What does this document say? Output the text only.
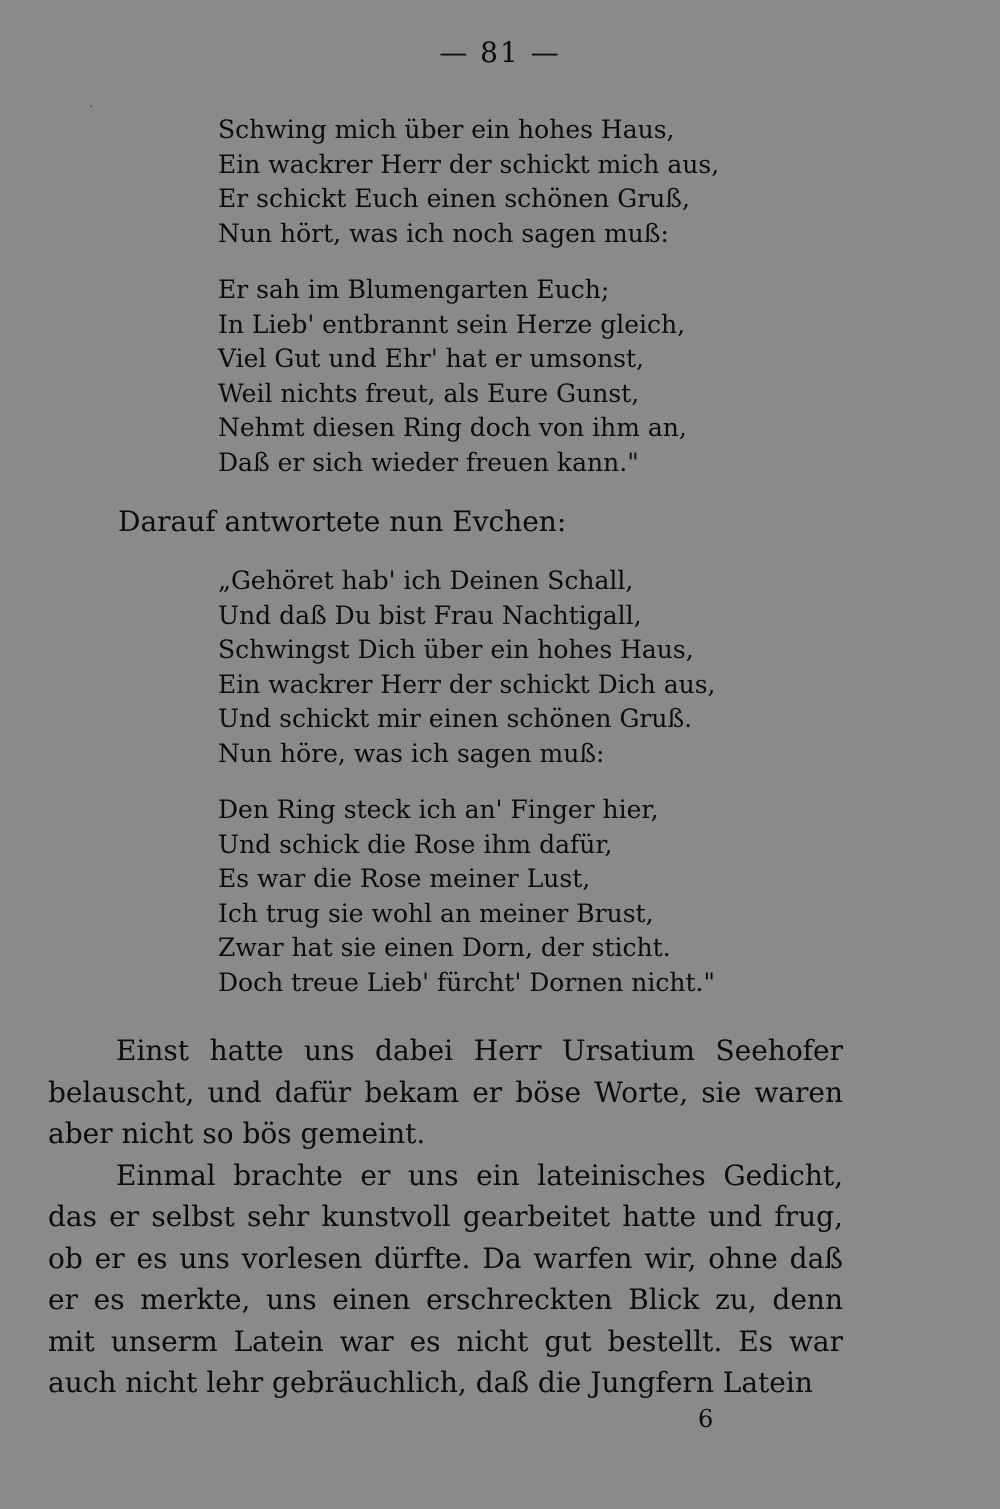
— 81 —
Schwing mich über ein hohes Haus,
Ein wackrer Herr der schickt mich aus,
Er schickt Euch einen schönen Gruß,
Nun hört, was ich noch sagen muß:
Er sah im Blumengarten Euch;
In Lieb' entbrannt sein Herze gleich,
Viel Gut und Ehr' hat er umsonst,
Weil nichts freut, als Eure Gunst,
Nehmt diesen Ring doch von ihm an,
Daß er sich wieder freuen kann."
Darauf antwortete nun Evchen:
„Gehöret hab' ich Deinen Schall,
Und daß Du bist Frau Nachtigall,
Schwingst Dich über ein hohes Haus,
Ein wackrer Herr der schickt Dich aus,
Und schickt mir einen schönen Gruß.
Nun höre, was ich sagen muß:
Den Ring steck ich an' Finger hier,
Und schick die Rose ihm dafür,
Es war die Rose meiner Lust,
Ich trug sie wohl an meiner Brust,
Zwar hat sie einen Dorn, der sticht.
Doch treue Lieb' fürcht' Dornen nicht."

Einst hatte uns dabei Herr Ursatium Seehofer belauscht, und dafür bekam er böse Worte, sie waren aber nicht so bös gemeint.

Einmal brachte er uns ein lateinisches Gedicht, das er selbst sehr kunstvoll gearbeitet hatte und frug, ob er es uns vorlesen dürfte. Da warfen wir, ohne daß er es merkte, uns einen erschreckten Blick zu, denn mit unserm Latein war es nicht gut bestellt. Es war auch nicht lehr gebräuchlich, daß die Jungfern Latein

6
